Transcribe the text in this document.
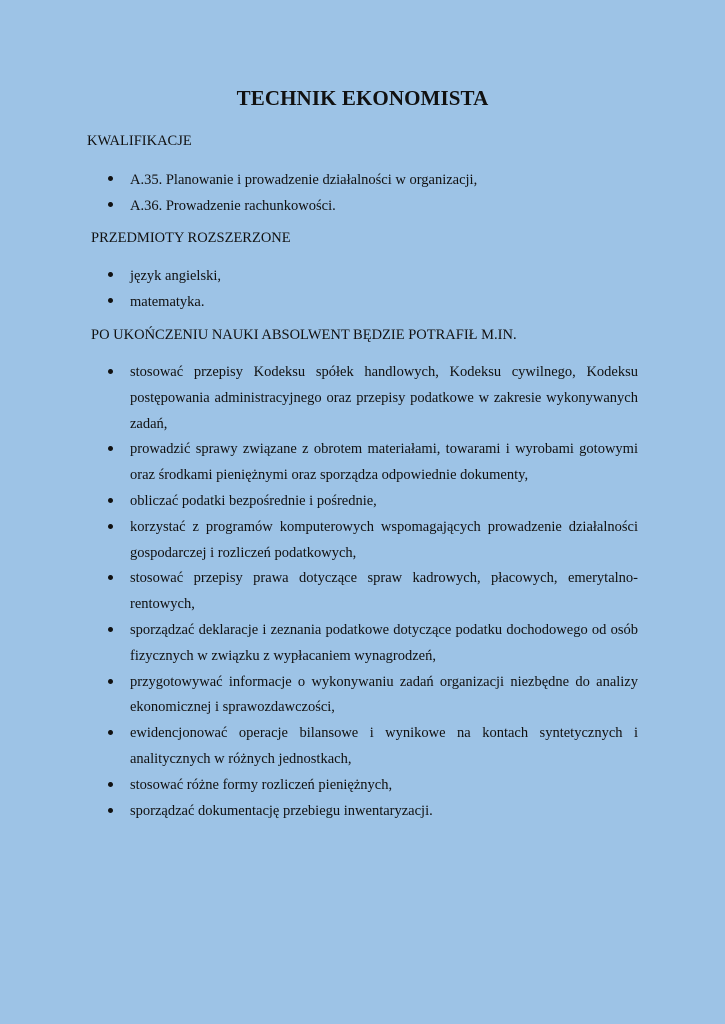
TECHNIK EKONOMISTA

KWALIFIKACJE

A.35. Planowanie i prowadzenie działalności w organizacji,
A.36. Prowadzenie rachunkowości.

PRZEDMIOTY ROZSZERZONE

język angielski,
matematyka.

PO UKOŃCZENIU NAUKI ABSOLWENT BĘDZIE POTRAFIŁ M.IN.

stosować przepisy Kodeksu spółek handlowych, Kodeksu cywilnego, Kodeksu postępowania administracyjnego oraz przepisy podatkowe w zakresie wykonywanych zadań,
prowadzić sprawy związane z obrotem materiałami, towarami i wyrobami gotowymi oraz środkami pieniężnymi oraz sporządza odpowiednie dokumenty,
obliczać podatki bezpośrednie i pośrednie,
korzystać z programów komputerowych wspomagających prowadzenie działalności gospodarczej i rozliczeń podatkowych,
stosować przepisy prawa dotyczące spraw kadrowych, płacowych, emerytalno-rentowych,
sporządzać deklaracje i zeznania podatkowe dotyczące podatku dochodowego od osób fizycznych w związku z wypłacaniem wynagrodzeń,
przygotowywać informacje o wykonywaniu zadań organizacji niezbędne do analizy ekonomicznej i sprawozdawczości,
ewidencjonować operacje bilansowe i wynikowe na kontach syntetycznych i analitycznych w różnych jednostkach,
stosować różne formy rozliczeń pieniężnych,
sporządzać dokumentację przebiegu inwentaryzacji.
